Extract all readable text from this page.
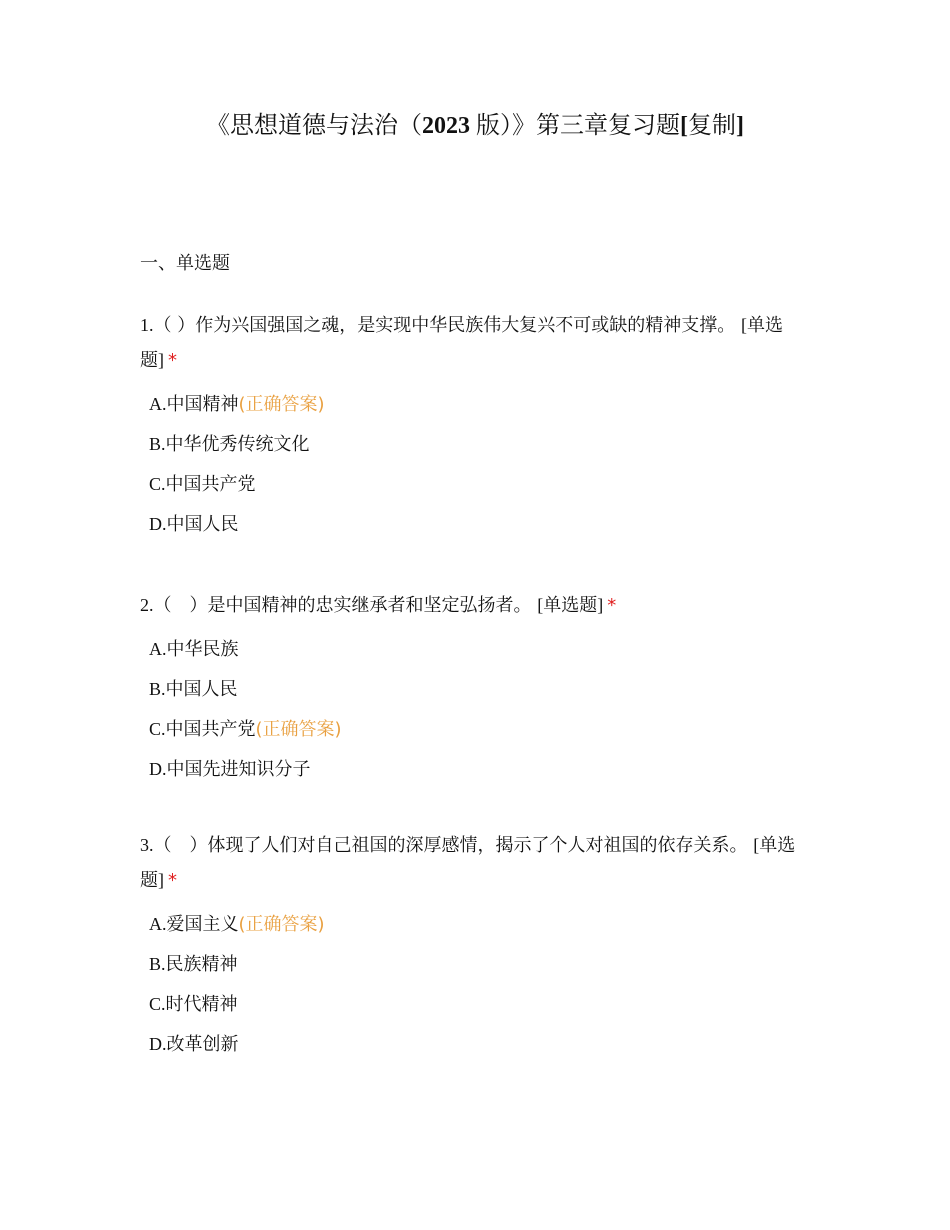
《思想道德与法治（2023 版）》第三章复习题[复制]
一、单选题

1.（ ）作为兴国强国之魂，是实现中华民族伟大复兴不可或缺的精神支撑。 [单选题] *

A.中国精神(正确答案)
B.中华优秀传统文化
C.中国共产党
D.中国人民

2.（　）是中国精神的忠实继承者和坚定弘扬者。 [单选题] *

A.中华民族
B.中国人民
C.中国共产党(正确答案)
D.中国先进知识分子

3.（　）体现了人们对自己祖国的深厚感情，揭示了个人对祖国的依存关系。 [单选题] *

A.爱国主义(正确答案)
B.民族精神
C.时代精神
D.改革创新
